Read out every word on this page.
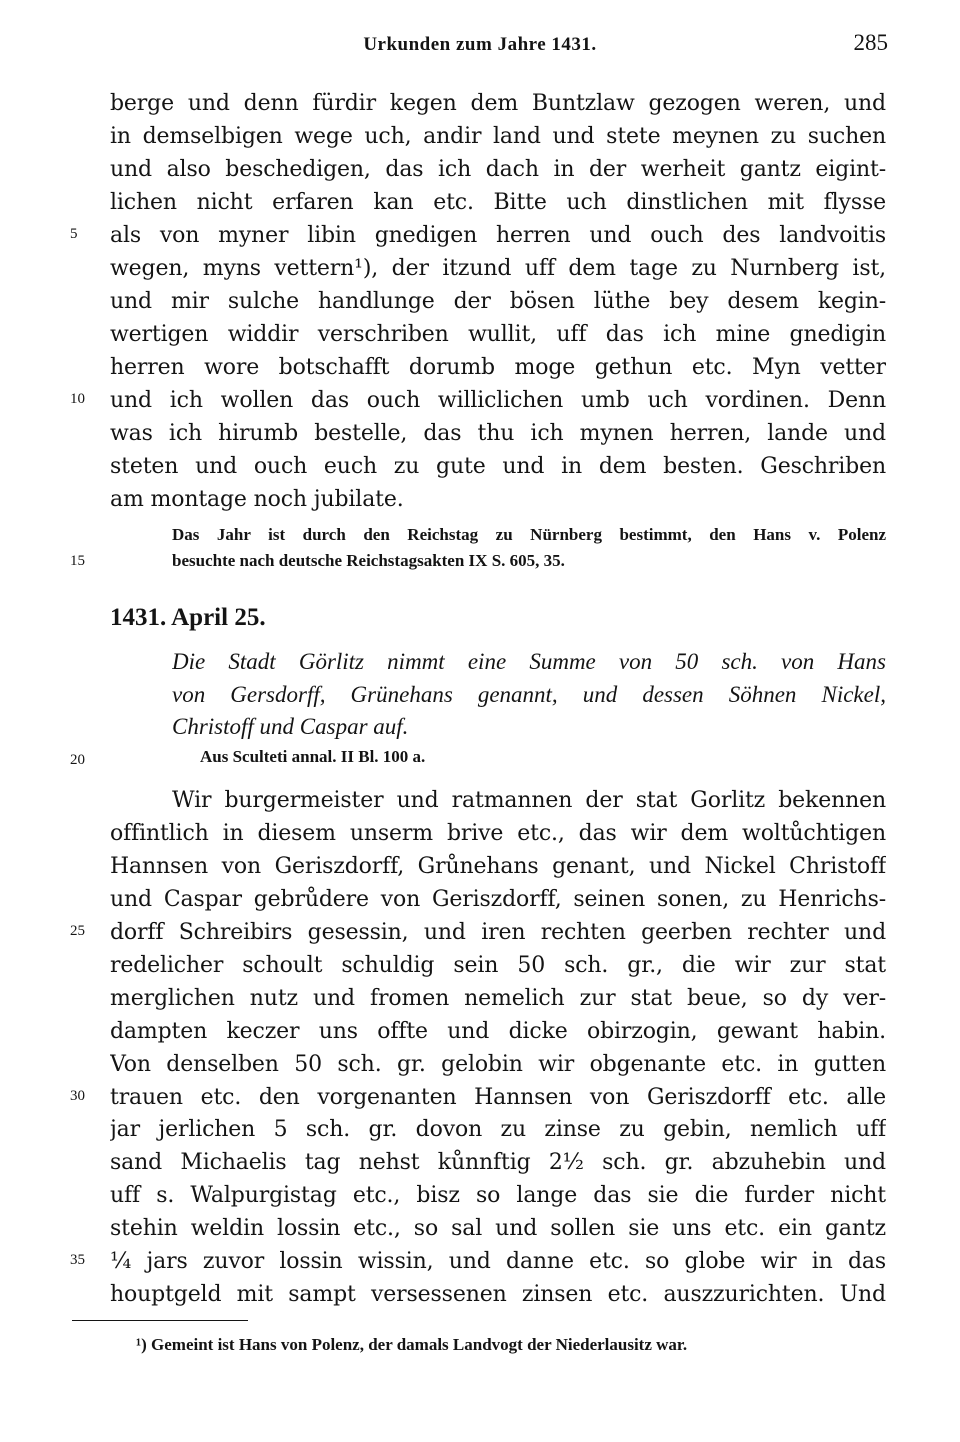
Urkunden zum Jahre 1431.	285
berge und denn fürdir kegen dem Buntzlaw gezogen weren, und
in demselbigen wege uch, andir land und stete meynen zu suchen
und also beschedigen, das ich dach in der werheit gantz eigint-
lichen nicht erfaren kan etc. Bitte uch dinstlichen mit flysse
als von myner libin gnedigen herren und ouch des landvoitis
wegen, myns vettern¹), der itzund uff dem tage zu Nurnberg ist,
und mir sulche handlunge der bösen lüthe bey desem kegin-
wertigen widdir verschriben wullit, uff das ich mine gnedigin
herren wore botschafft dorumb moge gethun etc. Myn vetter
und ich wollen das ouch williclichen umb uch vordinen. Denn
was ich hirumb bestelle, das thu ich mynen herren, lande und
steten und ouch euch zu gute und in dem besten. Geschriben
am montage noch jubilate.
Das Jahr ist durch den Reichstag zu Nürnberg bestimmt, den Hans v. Polenz
besuchte nach deutsche Reichstagsakten IX S. 605, 35.
1431. April 25.
Die Stadt Görlitz nimmt eine Summe von 50 sch. von Hans
von Gersdorff, Grünehans genannt, und dessen Söhnen Nickel,
Christoff und Caspar auf.
Aus Sculteti annal. II Bl. 100 a.
Wir burgermeister und ratmannen der stat Gorlitz bekennen
offintlich in diesem unserm brive etc., das wir dem woltůchtigen
Hannsen von Geriszdorff, Grůnehans genant, und Nickel Christoff
und Caspar gebrůdere von Geriszdorff, seinen sonen, zu Henrichs-
dorff Schreibirs gesessin, und iren rechten geerben rechter und
redelicher schoult schuldig sein 50 sch. gr., die wir zur stat
merglichen nutz und fromen nemelich zur stat beue, so dy ver-
dampten keczer uns offte und dicke obirzogin, gewant habin.
Von denselben 50 sch. gr. gelobin wir obgenante etc. in gutten
trauen etc. den vorgenanten Hannsen von Geriszdorff etc. alle
jar jerlichen 5 sch. gr. dovon zu zinse zu gebin, nemlich uff
sand Michaelis tag nehst kůnnftig 2½ sch. gr. abzuhebin und
uff s. Walpurgistag etc., bisz so lange das sie die furder nicht
stehin weldin lossin etc., so sal und sollen sie uns etc. ein gantz
¼ jars zuvor lossin wissin, und danne etc. so globe wir in das
houptgeld mit sampt versessenen zinsen etc. auszzurichten. Und
5
10
15
20
25
30
35
¹) Gemeint ist Hans von Polenz, der damals Landvogt der Niederlausitz war.
